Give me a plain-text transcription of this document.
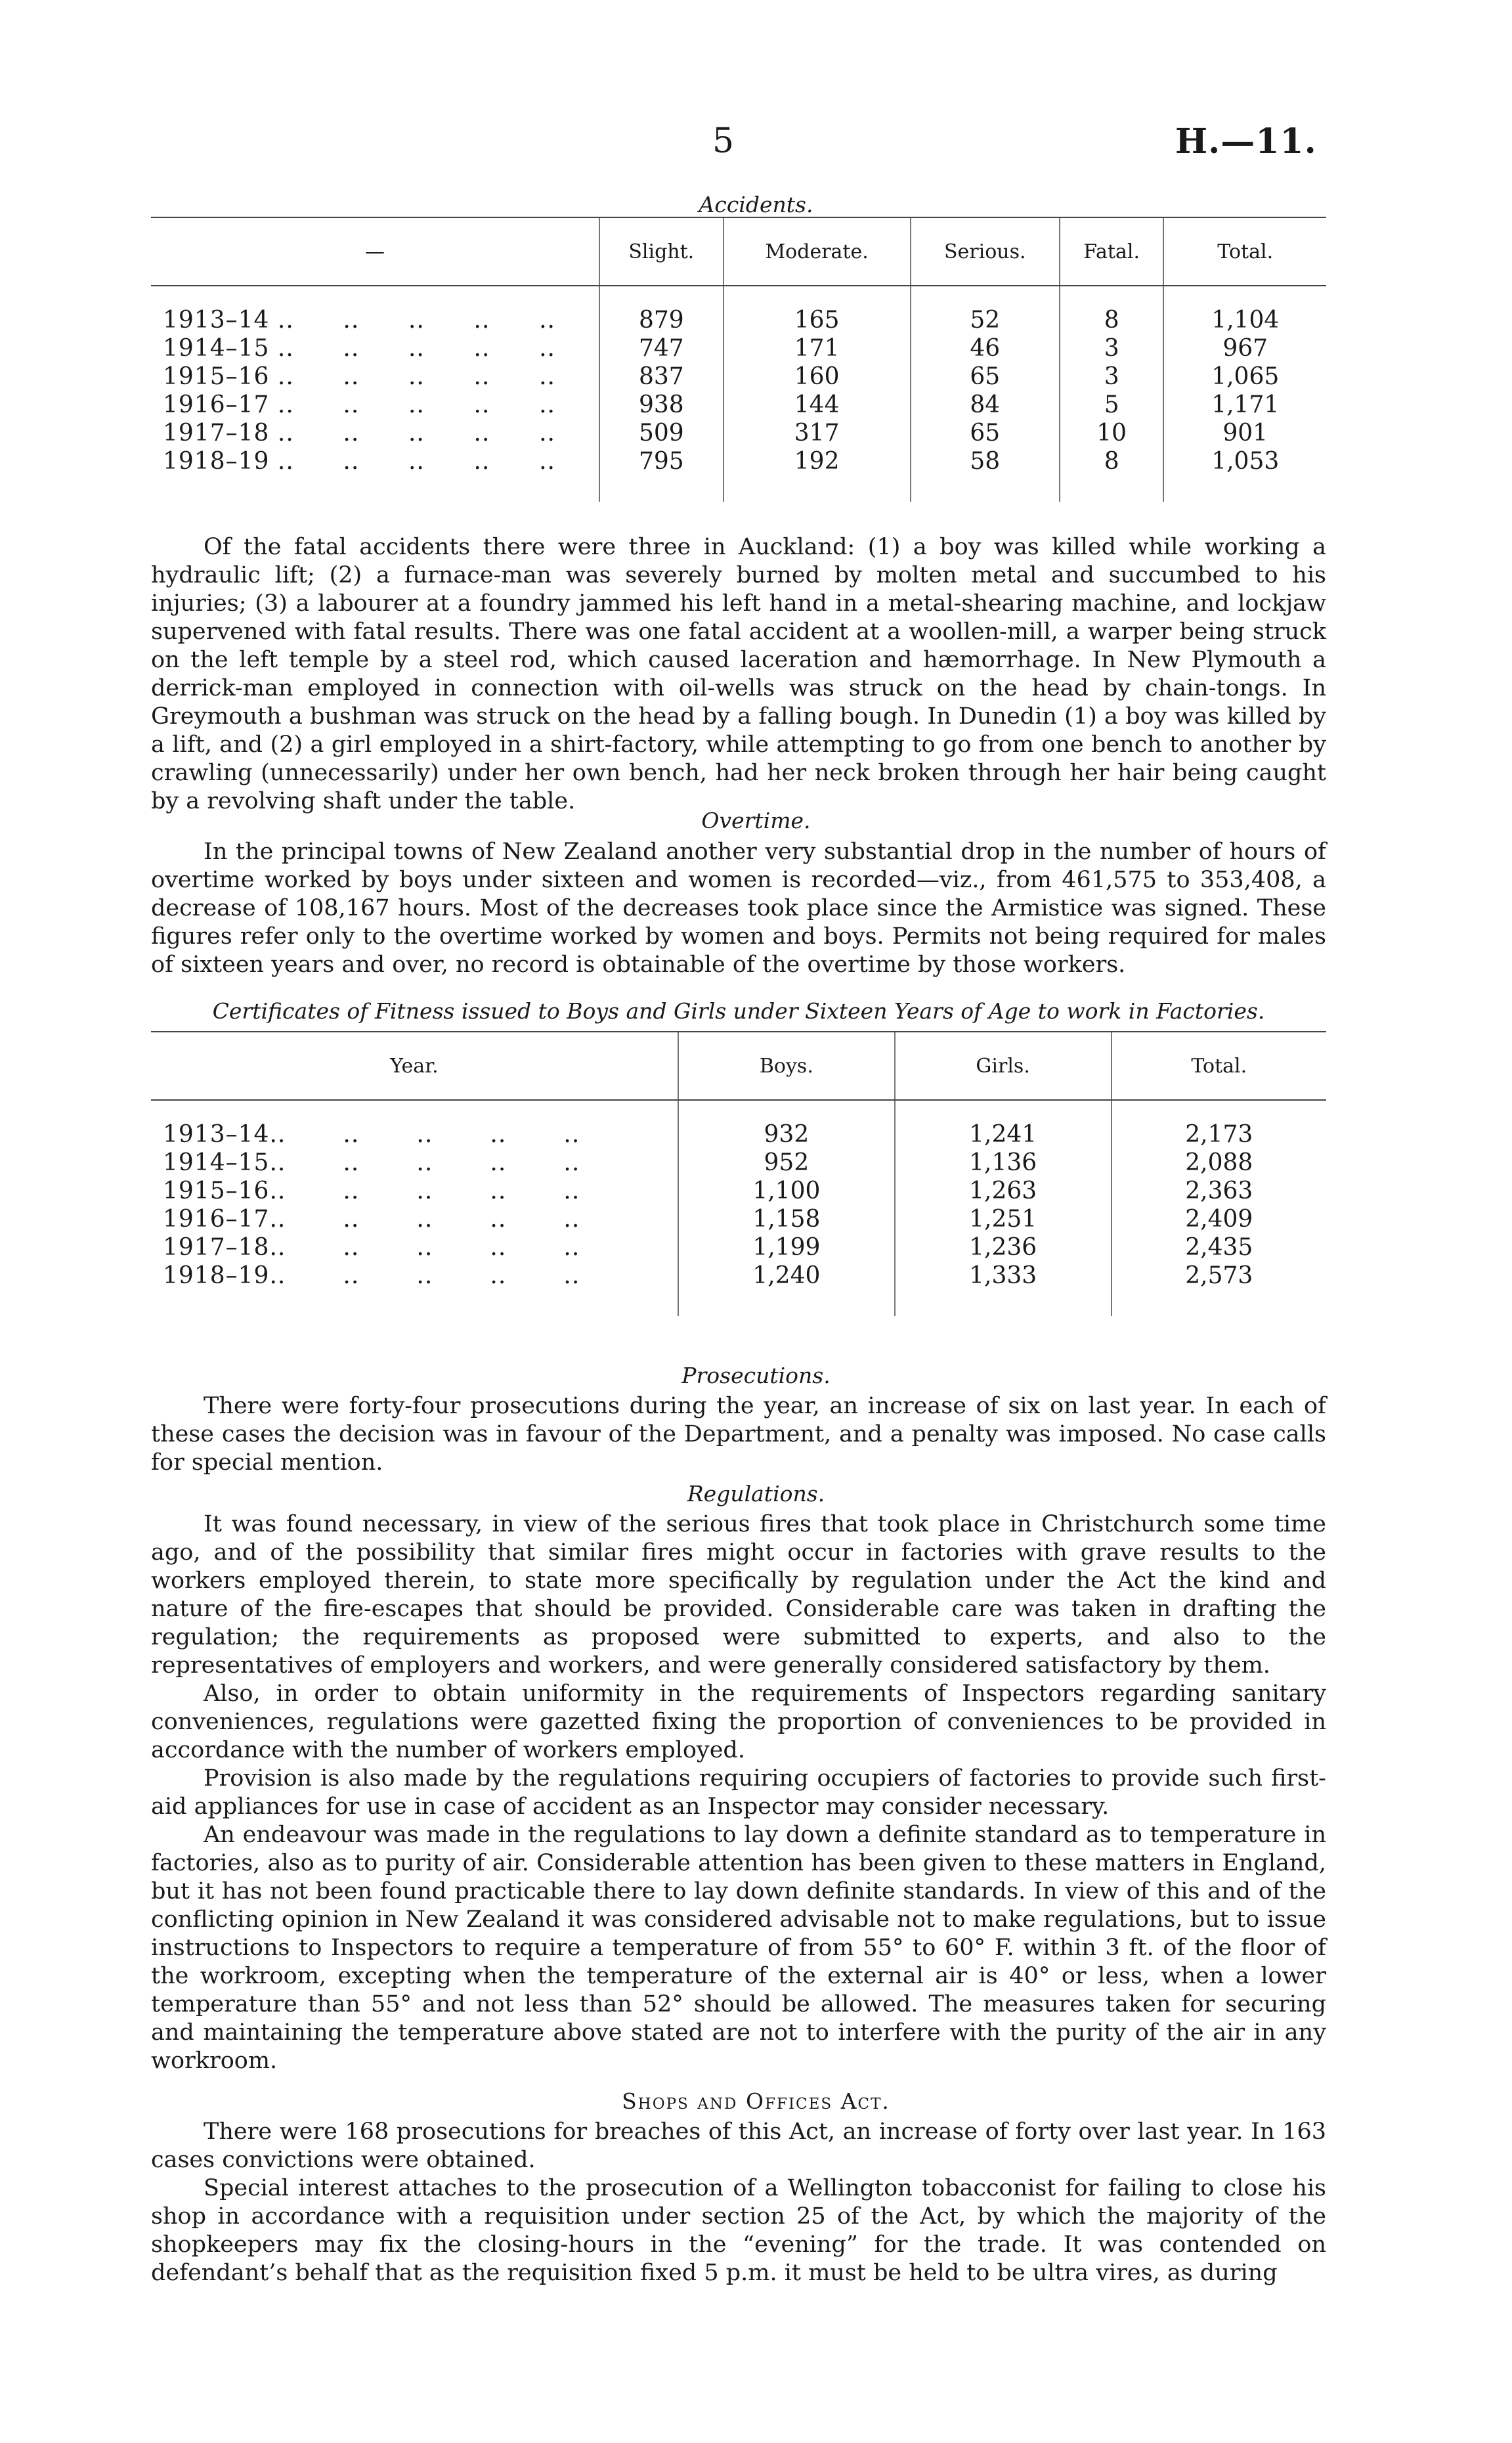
5	H.—11.
Accidents.
—	Slight.	Moderate.	Serious.	Fatal.	Total.

1913–14 ..      ..      ..      ..      ..	879	165	52	8	1,104
1914–15 ..      ..      ..      ..      ..	747	171	46	3	967
1915–16 ..      ..      ..      ..      ..	837	160	65	3	1,065
1916–17 ..      ..      ..      ..      ..	938	144	84	5	1,171
1917–18 ..      ..      ..      ..      ..	509	317	65	10	901
1918–19 ..      ..      ..      ..      ..	795	192	58	8	1,053

Of the fatal accidents there were three in Auckland: (1) a boy was killed while working a hydraulic lift; (2) a furnace-man was severely burned by molten metal and succumbed to his injuries; (3) a labourer at a foundry jammed his left hand in a metal-shearing machine, and lockjaw supervened with fatal results. There was one fatal accident at a woollen-mill, a warper being struck on the left temple by a steel rod, which caused laceration and hæmorrhage. In New Plymouth a derrick-man employed in connection with oil-wells was struck on the head by chain-tongs. In Greymouth a bushman was struck on the head by a falling bough. In Dunedin (1) a boy was killed by a lift, and (2) a girl employed in a shirt-factory, while attempting to go from one bench to another by crawling (unnecessarily) under her own bench, had her neck broken through her hair being caught by a revolving shaft under the table.

Overtime.

In the principal towns of New Zealand another very substantial drop in the number of hours of overtime worked by boys under sixteen and women is recorded—viz., from 461,575 to 353,408, a decrease of 108,167 hours. Most of the decreases took place since the Armistice was signed. These figures refer only to the overtime worked by women and boys. Permits not being required for males of sixteen years and over, no record is obtainable of the overtime by those workers.

Certificates of Fitness issued to Boys and Girls under Sixteen Years of Age to work in Factories.
Year.	Boys.	Girls.	Total.

1913–14..       ..       ..       ..       ..	932	1,241	2,173
1914–15..       ..       ..       ..       ..	952	1,136	2,088
1915–16..       ..       ..       ..       ..	1,100	1,263	2,363
1916–17..       ..       ..       ..       ..	1,158	1,251	2,409
1917–18..       ..       ..       ..       ..	1,199	1,236	2,435
1918–19..       ..       ..       ..       ..	1,240	1,333	2,573

Prosecutions.

There were forty-four prosecutions during the year, an increase of six on last year. In each of these cases the decision was in favour of the Department, and a penalty was imposed. No case calls for special mention.

Regulations.

It was found necessary, in view of the serious fires that took place in Christchurch some time ago, and of the possibility that similar fires might occur in factories with grave results to the workers employed therein, to state more specifically by regulation under the Act the kind and nature of the fire-escapes that should be provided. Considerable care was taken in drafting the regulation; the requirements as proposed were submitted to experts, and also to the representatives of employers and workers, and were generally considered satisfactory by them.

Also, in order to obtain uniformity in the requirements of Inspectors regarding sanitary conveniences, regulations were gazetted fixing the proportion of conveniences to be provided in accordance with the number of workers employed.

Provision is also made by the regulations requiring occupiers of factories to provide such first-aid appliances for use in case of accident as an Inspector may consider necessary.

An endeavour was made in the regulations to lay down a definite standard as to temperature in factories, also as to purity of air. Considerable attention has been given to these matters in England, but it has not been found practicable there to lay down definite standards. In view of this and of the conflicting opinion in New Zealand it was considered advisable not to make regulations, but to issue instructions to Inspectors to require a temperature of from 55° to 60° F. within 3 ft. of the floor of the workroom, excepting when the temperature of the external air is 40° or less, when a lower temperature than 55° and not less than 52° should be allowed. The measures taken for securing and maintaining the temperature above stated are not to interfere with the purity of the air in any workroom.

Shops and Offices Act.

There were 168 prosecutions for breaches of this Act, an increase of forty over last year. In 163 cases convictions were obtained.

Special interest attaches to the prosecution of a Wellington tobacconist for failing to close his shop in accordance with a requisition under section 25 of the Act, by which the majority of the shopkeepers may fix the closing-hours in the “evening” for the trade. It was contended on defendant’s behalf that as the requisition fixed 5 p.m. it must be held to be ultra vires, as during
